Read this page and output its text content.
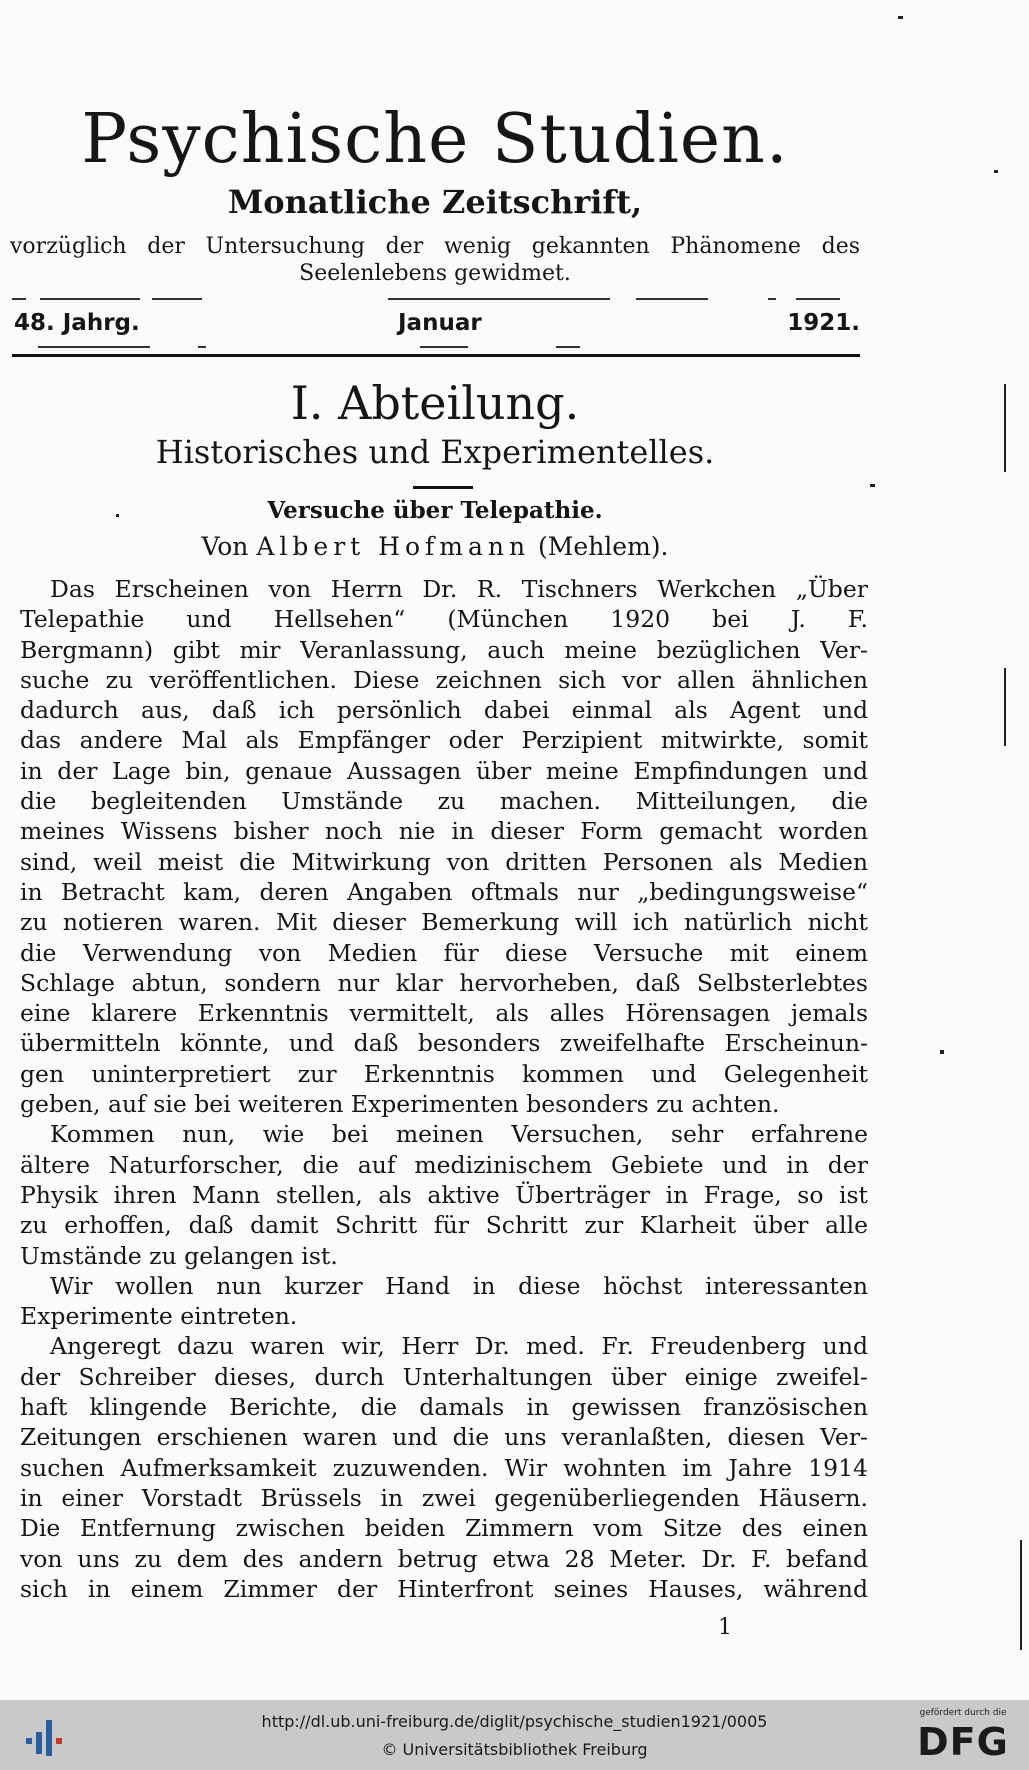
Psychische Studien.
Monatliche Zeitschrift,
vorzüglich der Untersuchung der wenig gekannten Phänomene des
Seelenlebens gewidmet.
48. Jahrg.	Januar	1921.
I. Abteilung.
Historisches und Experimentelles.
Versuche über Telepathie.
Von Albert Hofmann (Mehlem).
Das Erscheinen von Herrn Dr. R. Tischners Werkchen „Über
Telepathie und Hellsehen“ (München 1920 bei J. F.
Bergmann) gibt mir Veranlassung, auch meine bezüglichen Ver-
suche zu veröffentlichen. Diese zeichnen sich vor allen ähnlichen
dadurch aus, daß ich persönlich dabei einmal als Agent und
das andere Mal als Empfänger oder Perzipient mitwirkte, somit
in der Lage bin, genaue Aussagen über meine Empfindungen und
die begleitenden Umstände zu machen. Mitteilungen, die
meines Wissens bisher noch nie in dieser Form gemacht worden
sind, weil meist die Mitwirkung von dritten Personen als Medien
in Betracht kam, deren Angaben oftmals nur „bedingungsweise“
zu notieren waren. Mit dieser Bemerkung will ich natürlich nicht
die Verwendung von Medien für diese Versuche mit einem
Schlage abtun, sondern nur klar hervorheben, daß Selbsterlebtes
eine klarere Erkenntnis vermittelt, als alles Hörensagen jemals
übermitteln könnte, und daß besonders zweifelhafte Erscheinun-
gen uninterpretiert zur Erkenntnis kommen und Gelegenheit
geben, auf sie bei weiteren Experimenten besonders zu achten.
Kommen nun, wie bei meinen Versuchen, sehr erfahrene
ältere Naturforscher, die auf medizinischem Gebiete und in der
Physik ihren Mann stellen, als aktive Überträger in Frage, so ist
zu erhoffen, daß damit Schritt für Schritt zur Klarheit über alle
Umstände zu gelangen ist.
Wir wollen nun kurzer Hand in diese höchst interessanten
Experimente eintreten.
Angeregt dazu waren wir, Herr Dr. med. Fr. Freudenberg und
der Schreiber dieses, durch Unterhaltungen über einige zweifel-
haft klingende Berichte, die damals in gewissen französischen
Zeitungen erschienen waren und die uns veranlaßten, diesen Ver-
suchen Aufmerksamkeit zuzuwenden. Wir wohnten im Jahre 1914
in einer Vorstadt Brüssels in zwei gegenüberliegenden Häusern.
Die Entfernung zwischen beiden Zimmern vom Sitze des einen
von uns zu dem des andern betrug etwa 28 Meter. Dr. F. befand
sich in einem Zimmer der Hinterfront seines Hauses, während
1
http://dl.ub.uni-freiburg.de/diglit/psychische_studien1921/0005
© Universitätsbibliothek Freiburg
gefördert durch die
DFG
